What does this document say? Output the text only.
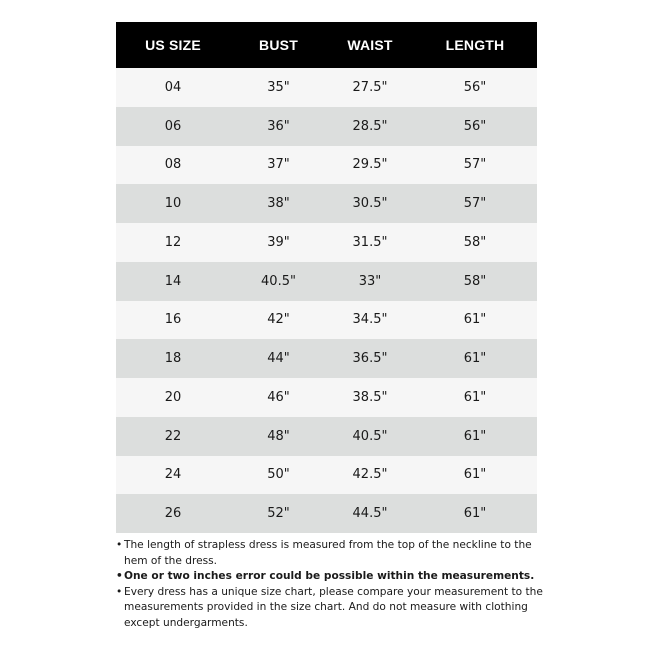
US SIZE	BUST	WAIST	LENGTH
04	35"	27.5"	56"
06	36"	28.5"	56"
08	37"	29.5"	57"
10	38"	30.5"	57"
12	39"	31.5"	58"
14	40.5"	33"	58"
16	42"	34.5"	61"
18	44"	36.5"	61"
20	46"	38.5"	61"
22	48"	40.5"	61"
24	50"	42.5"	61"
26	52"	44.5"	61"

• The length of strapless dress is measured from the top of the neckline to the hem of the dress.

• One or two inches error could be possible within the measurements.

• Every dress has a unique size chart, please compare your measurement to the measurements provided in the size chart. And do not measure with clothing except undergarments.
